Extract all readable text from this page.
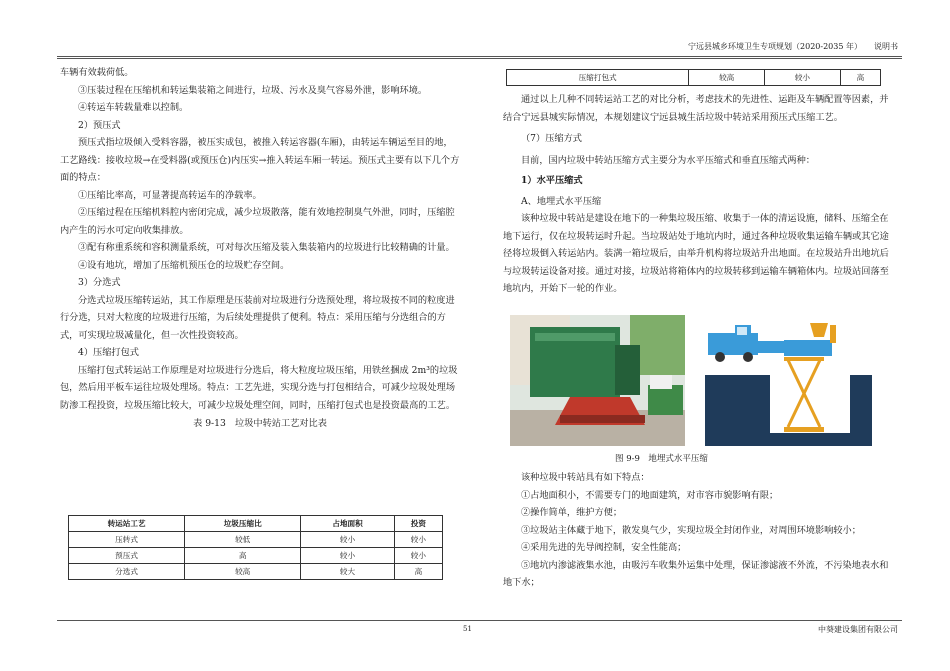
宁远县城乡环境卫生专项规划（2020-2035 年）　　说明书

车辆有效载荷低。

③压装过程在压缩机和转运集装箱之间进行，垃圾、污水及臭气容易外泄，影响环境。

④转运车转载量难以控制。

2）预压式

预压式指垃圾倾入受料容器，被压实成包，被推入转运容器(车厢)，由转运车辆运至目的地，工艺路线：接收垃圾→在受料器(或预压仓)内压实→推入转运车厢一转运。预压式主要有以下几个方面的特点：

①压缩比率高，可显著提高转运车的净载率。

②压缩过程在压缩机料腔内密闭完成，减少垃圾散落，能有效地控制臭气外泄，同时，压缩腔内产生的污水可定向收集排放。

③配有称重系统和容积测量系统，可对每次压缩及装入集装箱内的垃圾进行比较精确的计量。

④设有地坑，增加了压缩机预压仓的垃圾贮存空间。

3）分选式

分选式垃圾压缩转运站，其工作原理是压装前对垃圾进行分选预处理，将垃圾按不同的粒度进行分选，只对大粒度的垃圾进行压缩，为后续处理提供了便利。特点：采用压缩与分选组合的方式，可实现垃圾减量化，但一次性投资较高。

4）压缩打包式

压缩打包式转运站工作原理是对垃圾进行分选后，将大粒度垃圾压缩，用铁丝捆成 2m³的垃圾包，然后用平板车运往垃圾处理场。特点：工艺先进，实现分选与打包相结合，可减少垃圾处理场防渗工程投资，垃圾压缩比较大，可减少垃圾处理空间，同时，压缩打包式也是投资最高的工艺。

表 9-13　垃圾中转站工艺对比表

转运站工艺	垃圾压缩比	占地面积	投资
压转式	较低	较小	较小
预压式	高	较小	较小
分选式	较高	较大	高
压缩打包式	较高	较小	高

通过以上几种不同转运站工艺的对比分析，考虑技术的先进性、运距及车辆配置等因素，并结合宁远县城实际情况，本规划建议宁远县城生活垃圾中转站采用预压式压缩工艺。

（7）压缩方式

目前，国内垃圾中转站压缩方式主要分为水平压缩式和垂直压缩式两种：

1）水平压缩式

A、地埋式水平压缩

该种垃圾中转站是建设在地下的一种集垃圾压缩、收集于一体的清运设施，储料、压缩全在地下运行，仅在垃圾转运时升起。当垃圾站处于地坑内时，通过各种垃圾收集运输车辆或其它途径将垃圾倒入转运站内。装满一箱垃圾后，由举升机构将垃圾站升出地面。在垃圾站升出地坑后与垃圾转运设备对接。通过对接，垃圾站将箱体内的垃圾转移到运输车辆箱体内。垃圾站回落至地坑内，开始下一轮的作业。

图 9-9　地埋式水平压缩

该种垃圾中转站具有如下特点：

①占地面积小，不需要专门的地面建筑，对市容市貌影响有限；

②操作简单，维护方便；

③垃圾站主体藏于地下，散发臭气少，实现垃圾全封闭作业，对周围环境影响较小；

④采用先进的先导阀控制，安全性能高；

⑤地坑内渗滤液集水池，由吸污车收集外运集中处理，保证渗滤液不外流，不污染地表水和地下水；

51	中葵建设集团有限公司
